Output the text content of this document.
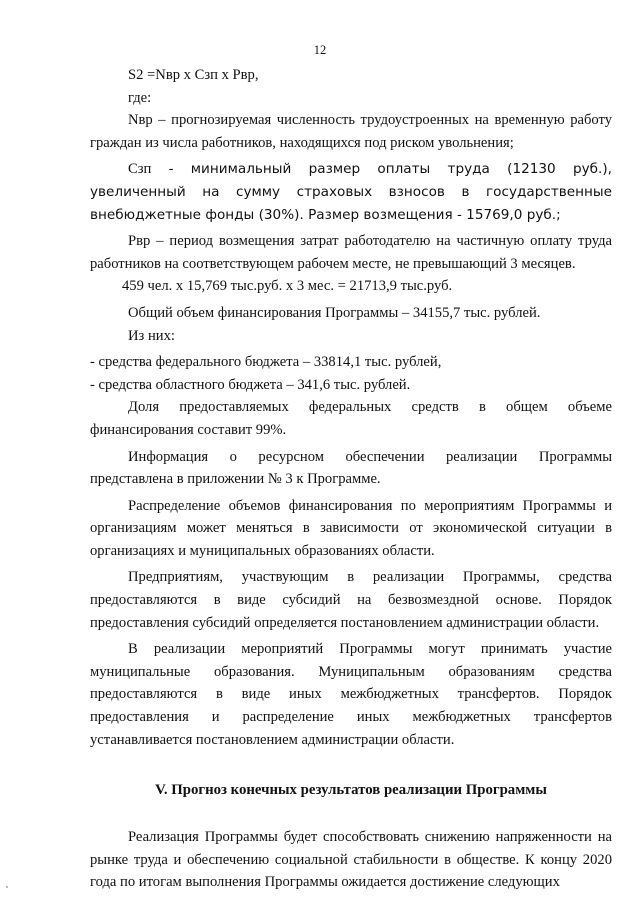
12

S2 =Nвр х Сзп х Рвр,

где:

Nвр – прогнозируемая численность трудоустроенных на временную работу граждан из числа работников, находящихся под риском увольнения;

Сзп - минимальный размер оплаты труда (12130 руб.), увеличенный на сумму страховых взносов в государственные внебюджетные фонды (30%). Размер возмещения - 15769,0 руб.;

Рвр – период возмещения затрат работодателю на частичную оплату труда работников на соответствующем рабочем месте, не превышающий 3 месяцев.

459 чел. х 15,769 тыс.руб. х 3 мес. = 21713,9 тыс.руб.

Общий объем финансирования Программы – 34155,7 тыс. рублей.

Из них:

- средства федерального бюджета – 33814,1 тыс. рублей,

- средства областного бюджета – 341,6 тыс. рублей.

Доля предоставляемых федеральных средств в общем объеме

финансирования составит 99%.

Информация о ресурсном обеспечении реализации Программы

представлена в приложении № 3 к Программе.

Распределение объемов финансирования по мероприятиям Программы и организациям может меняться в зависимости от экономической ситуации в организациях и муниципальных образованиях области.

Предприятиям, участвующим в реализации Программы, средства предоставляются в виде субсидий на безвозмездной основе. Порядок предоставления субсидий определяется постановлением администрации области.

В реализации мероприятий Программы могут принимать участие муниципальные образования. Муниципальным образованиям средства предоставляются в виде иных межбюджетных трансфертов. Порядок предоставления и распределение иных межбюджетных трансфертов устанавливается постановлением администрации области.

V. Прогноз конечных результатов реализации Программы

Реализация Программы будет способствовать снижению напряженности на рынке труда и обеспечению социальной стабильности в обществе. К концу 2020 года по итогам выполнения Программы ожидается достижение следующих
